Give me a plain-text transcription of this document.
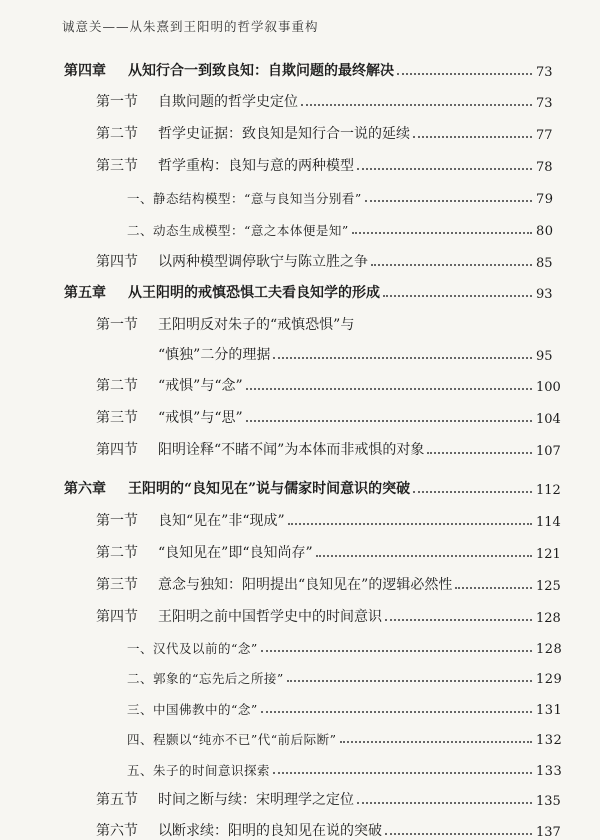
诚意关——从朱熹到王阳明的哲学叙事重构
第四章	从知行合一到致良知：自欺问题的最终解决	73
第一节	自欺问题的哲学史定位	73
第二节	哲学史证据：致良知是知行合一说的延续	77
第三节	哲学重构：良知与意的两种模型	78
一、静态结构模型：“意与良知当分别看”	79
二、动态生成模型：“意之本体便是知”	80
第四节	以两种模型调停耿宁与陈立胜之争	85
第五章	从王阳明的戒慎恐惧工夫看良知学的形成	93
第一节	王阳明反对朱子的“戒慎恐惧”与
“慎独”二分的理据	95
第二节	“戒惧”与“念”	100
第三节	“戒惧”与“思”	104
第四节	阳明诠释“不睹不闻”为本体而非戒惧的对象	107
第六章	王阳明的“良知见在”说与儒家时间意识的突破	112
第一节	良知“见在”非“现成”	114
第二节	“良知见在”即“良知尚存”	121
第三节	意念与独知：阳明提出“良知见在”的逻辑必然性	125
第四节	王阳明之前中国哲学史中的时间意识	128
一、汉代及以前的“念”	128
二、郭象的“忘先后之所接”	129
三、中国佛教中的“念”	131
四、程颢以“纯亦不已”代“前后际断”	132
五、朱子的时间意识探索	133
第五节	时间之断与续：宋明理学之定位	135
第六节	以断求续：阳明的良知见在说的突破	137
